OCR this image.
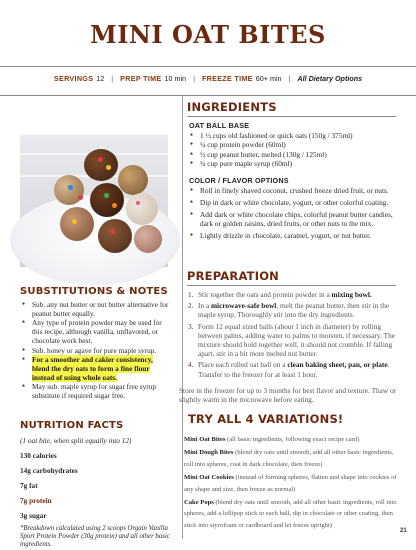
MINI OAT BITES
SERVINGS 12 | PREP TIME 10 min | FREEZE TIME 60+ min | All Dietary Options
SUBSTITUTIONS & NOTES
● Sub. any nut butter or nut butter alternative for peanut butter equally.
● Any type of protein powder may be used for this recipe, although vanilla, unflavored, or chocolate work best.
● Sub. honey or agave for pure maple syrup.
● For a smoother and cakier consistency, blend the dry oats to form a fine flour instead of using whole oats.
● May sub. maple syrup for sugar free syrup substitute if required sugar free.
NUTRITION FACTS
(1 oat bite, when split equally into 12)
130 calories
14g carbohydrates
7g fat
7g protein
3g sugar
*Breakdown calculated using 2 scoops Orgain Vanilla Sport Protein Powder (30g protein) and all other basic ingredients.
INGREDIENTS
OAT BALL BASE
● 1 ½ cups old fashioned or quick oats (150g / 375ml)
● ¼ cup protein powder (60ml)
● ½ cup peanut butter, melted (130g / 125ml)
● ¼ cup pure maple syrup (60ml)
COLOR / FLAVOR OPTIONS
● Roll in finely shaved coconut, crushed freeze dried fruit, or nuts.
● Dip in dark or white chocolate, yogurt, or other colorful coating.
● Add dark or white chocolate chips, colorful peanut butter candies, dark or golden raisins, dried fruits, or other nuts to the mix.
● Lightly drizzle in chocolate, caramel, yogurt, or nut butter.
PREPARATION
1. Stir together the oats and protein powder in a mixing bowl.
2. In a microwave-safe bowl, melt the peanut butter, then stir in the maple syrup. Thoroughly stir into the dry ingredients.
3. Form 12 equal sized balls (about 1 inch in diameter) by rolling between palms, adding water to palms to moisten, if necessary. The mixture should hold together well, it should not crumble. If falling apart, stir in a bit more melted nut butter.
4. Place each rolled oat ball on a clean baking sheet, pan, or plate. Transfer to the freezer for at least 1 hour.
Store in the freezer for up to 3 months for best flavor and texture. Thaw or slightly warm in the microwave before eating.
TRY ALL 4 VARIATIONS!

Mini Oat Bites (all basic ingredients, following exact recipe card)

Mini Dough Bites (blend dry oats until smooth, add all other basic ingredients, roll into spheres, coat in dark chocolate, then freeze)

Mini Oat Cookies (instead of forming spheres, flatten and shape into cookies of any shape and size, then freeze as normal)

Cake Pops (blend dry oats until smooth, add all other basic ingredients, roll into spheres, add a lollipop stick to each ball, dip in chocolate or other coating, then stick into styrofoam or cardboard and let freeze upright)

21
